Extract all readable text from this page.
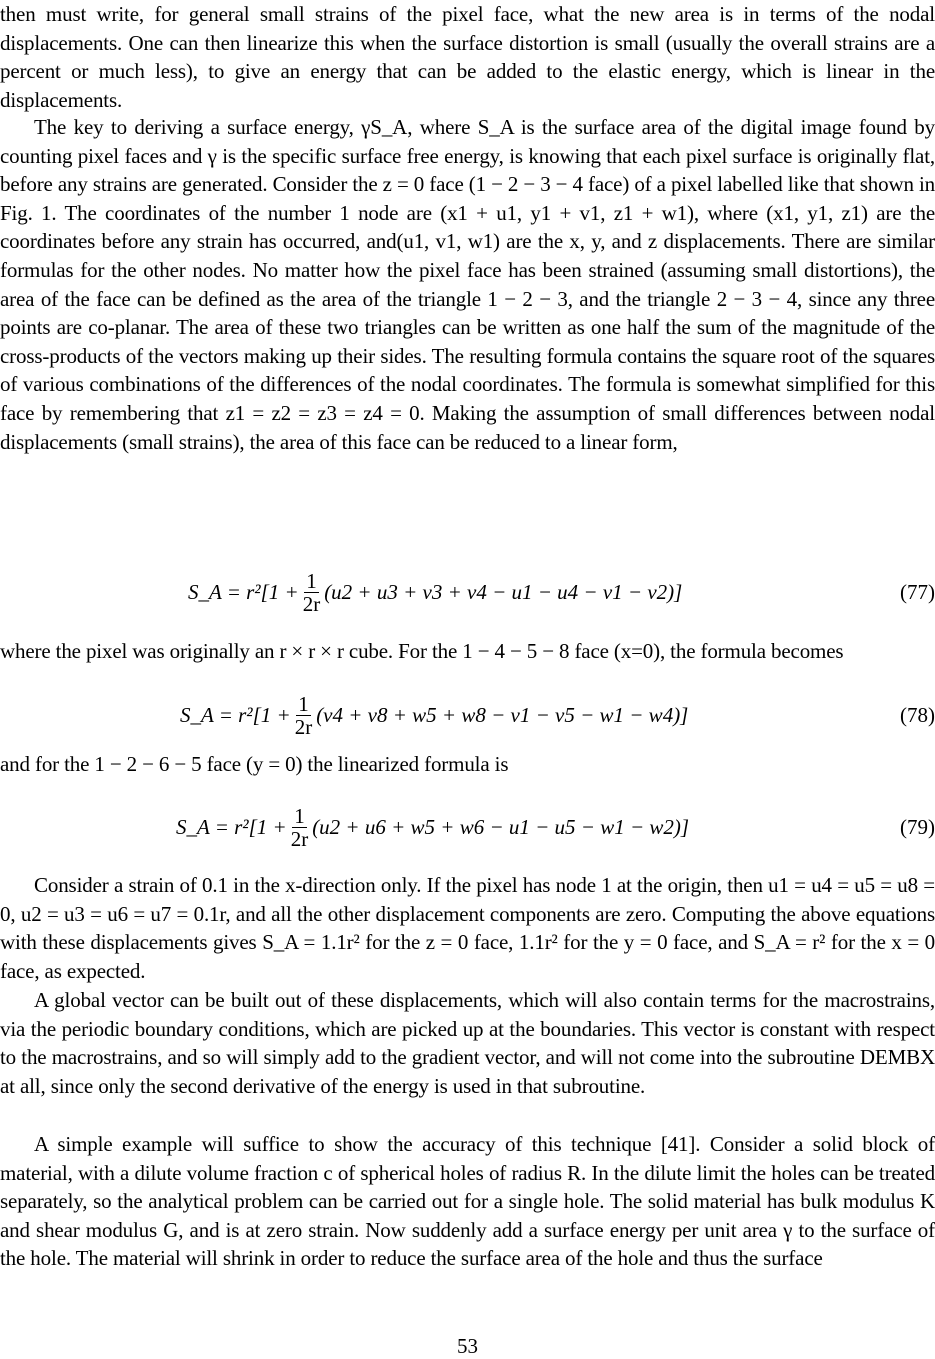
then must write, for general small strains of the pixel face, what the new area is in terms of the nodal displacements. One can then linearize this when the surface distortion is small (usually the overall strains are a percent or much less), to give an energy that can be added to the elastic energy, which is linear in the displacements.

The key to deriving a surface energy, γS_A, where S_A is the surface area of the digital image found by counting pixel faces and γ is the specific surface free energy, is knowing that each pixel surface is originally flat, before any strains are generated. Consider the z = 0 face (1 − 2 − 3 − 4 face) of a pixel labelled like that shown in Fig. 1. The coordinates of the number 1 node are (x1 + u1, y1 + v1, z1 + w1), where (x1, y1, z1) are the coordinates before any strain has occurred, and(u1, v1, w1) are the x, y, and z displacements. There are similar formulas for the other nodes. No matter how the pixel face has been strained (assuming small distortions), the area of the face can be defined as the area of the triangle 1 − 2 − 3, and the triangle 2 − 3 − 4, since any three points are co-planar. The area of these two triangles can be written as one half the sum of the magnitude of the cross-products of the vectors making up their sides. The resulting formula contains the square root of the squares of various combinations of the differences of the nodal coordinates. The formula is somewhat simplified for this face by remembering that z1 = z2 = z3 = z4 = 0. Making the assumption of small differences between nodal displacements (small strains), the area of this face can be reduced to a linear form,

S_A = $r^2[1 + \frac{1}{2r} (u2 + u3 + v3 + v4 - u1 - u4 - v1 - v2)]$	(77)

where the pixel was originally an r × r × r cube. For the 1 − 4 − 5 − 8 face (x=0), the formula becomes

S_A = $r^2[1 + \frac{1}{2r} (v4 + v8 + w5 + w8 - v1 - v5 - w1 - w4)]$	(78)

and for the 1 − 2 − 6 − 5 face (y = 0) the linearized formula is

S_A = $r^2[1 + \frac{1}{2r} (u2 + u6 + w5 + w6 - u1 - u5 - w1 - w2)]$	(79)

Consider a strain of 0.1 in the x-direction only. If the pixel has node 1 at the origin, then u1 = u4 = u5 = u8 = 0, u2 = u3 = u6 = u7 = 0.1r, and all the other displacement components are zero. Computing the above equations with these displacements gives S_A = 1.1r² for the z = 0 face, 1.1r² for the y = 0 face, and S_A = r² for the x = 0 face, as expected.

A global vector can be built out of these displacements, which will also contain terms for the macrostrains, via the periodic boundary conditions, which are picked up at the boundaries. This vector is constant with respect to the macrostrains, and so will simply add to the gradient vector, and will not come into the subroutine DEMBX at all, since only the second derivative of the energy is used in that subroutine.

A simple example will suffice to show the accuracy of this technique [41]. Consider a solid block of material, with a dilute volume fraction c of spherical holes of radius R. In the dilute limit the holes can be treated separately, so the analytical problem can be carried out for a single hole. The solid material has bulk modulus K and shear modulus G, and is at zero strain. Now suddenly add a surface energy per unit area γ to the surface of the hole. The material will shrink in order to reduce the surface area of the hole and thus the surface

53
